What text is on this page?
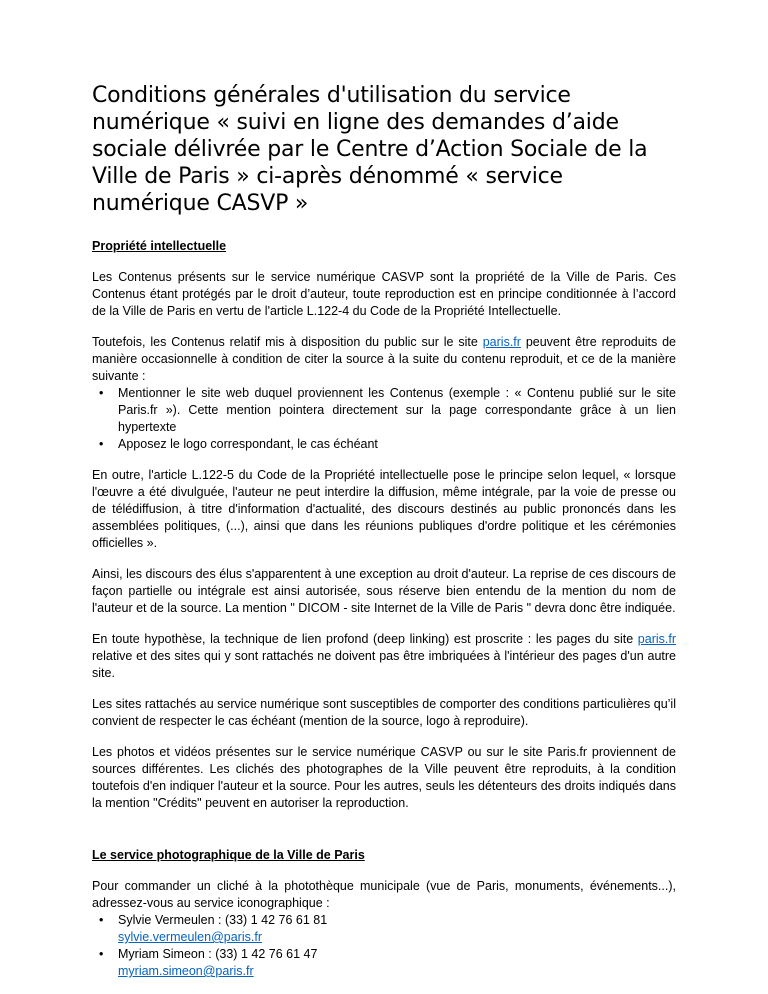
Conditions générales d'utilisation du service numérique « suivi en ligne des demandes d’aide sociale délivrée par le Centre d’Action Sociale de la Ville de Paris » ci-après dénommé « service numérique CASVP »
Propriété intellectuelle

Les Contenus présents sur le service numérique CASVP sont la propriété de la Ville de Paris. Ces Contenus étant protégés par le droit d’auteur, toute reproduction est en principe conditionnée à l’accord de la Ville de Paris en vertu de l'article L.122-4 du Code de la Propriété Intellectuelle.

Toutefois, les Contenus relatif mis à disposition du public sur le site paris.fr peuvent être reproduits de manière occasionnelle à condition de citer la source à la suite du contenu reproduit, et ce de la manière suivante :

• Mentionner le site web duquel proviennent les Contenus (exemple : « Contenu publié sur le site Paris.fr »). Cette mention pointera directement sur la page correspondante grâce à un lien hypertexte
• Apposez le logo correspondant, le cas échéant

En outre, l'article L.122-5 du Code de la Propriété intellectuelle pose le principe selon lequel, « lorsque l'œuvre a été divulguée, l'auteur ne peut interdire la diffusion, même intégrale, par la voie de presse ou de télédiffusion, à titre d'information d'actualité, des discours destinés au public prononcés dans les assemblées politiques, (...), ainsi que dans les réunions publiques d'ordre politique et les cérémonies officielles ».

Ainsi, les discours des élus s'apparentent à une exception au droit d'auteur. La reprise de ces discours de façon partielle ou intégrale est ainsi autorisée, sous réserve bien entendu de la mention du nom de l'auteur et de la source. La mention " DICOM - site Internet de la Ville de Paris " devra donc être indiquée.

En toute hypothèse, la technique de lien profond (deep linking) est proscrite : les pages du site paris.fr relative et des sites qui y sont rattachés ne doivent pas être imbriquées à l'intérieur des pages d'un autre site.

Les sites rattachés au service numérique sont susceptibles de comporter des conditions particulières qu’il convient de respecter le cas échéant (mention de la source, logo à reproduire).

Les photos et vidéos présentes sur le service numérique CASVP ou sur le site Paris.fr proviennent de sources différentes. Les clichés des photographes de la Ville peuvent être reproduits, à la condition toutefois d'en indiquer l'auteur et la source. Pour les autres, seuls les détenteurs des droits indiqués dans la mention "Crédits" peuvent en autoriser la reproduction.

Le service photographique de la Ville de Paris

Pour commander un cliché à la photothèque municipale (vue de Paris, monuments, événements...), adressez-vous au service iconographique :

• Sylvie Vermeulen : (33) 1 42 76 61 81
sylvie.vermeulen@paris.fr
• Myriam Simeon : (33) 1 42 76 61 47
myriam.simeon@paris.fr
